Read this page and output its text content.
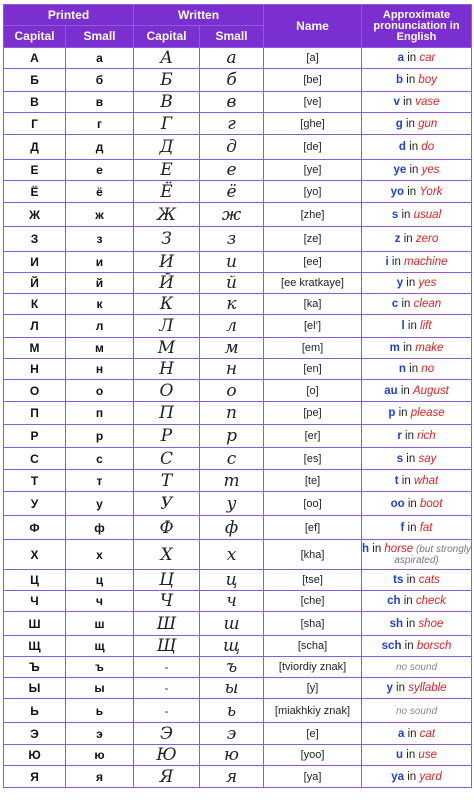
Printed		Written		Name	Approximate pronunciation in English
Capital	Small	Capital	Small		
А	а	А	а	[a]	a in car
Б	б	Б	б	[be]	b in boy
В	в	В	в	[ve]	v in vase
Г	г	Г	г	[ghe]	g in gun
Д	д	Д	д	[de]	d in do
Е	е	Е	е	[ye]	ye in yes
Ё	ё	Ё	ё	[yo]	yo in York
Ж	ж	Ж	ж	[zhe]	s in usual
З	з	З	з	[ze]	z in zero
И	и	И	и	[ee]	i in machine
Й	й	Й	й	[ee kratkaye]	y in yes
К	к	К	к	[ka]	c in clean
Л	л	Л	л	[el’]	l in lift
М	м	М	м	[em]	m in make
Н	н	Н	н	[en]	n in no
О	о	О	о	[o]	au in August
П	п	П	п	[pe]	p in please
Р	р	Р	р	[er]	r in rich
С	с	С	с	[es]	s in say
Т	т	Т	т	[te]	t in what
У	у	У	у	[oo]	oo in boot
Ф	ф	Ф	ф	[ef]	f in fat
Х	х	Х	х	[kha]	h in horse (but strongly aspirated)
Ц	ц	Ц	ц	[tse]	ts in cats
Ч	ч	Ч	ч	[che]	ch in check
Ш	ш	Ш	ш	[sha]	sh in shoe
Щ	щ	Щ	щ	[scha]	sch in borsch
Ъ	ъ	-	ъ	[tviordiy znak]	no sound
Ы	ы	-	ы	[y]	y in syllable
Ь	ь	-	ь	[miakhkiy znak]	no sound
Э	э	Э	э	[e]	a in cat
Ю	ю	Ю	ю	[yoo]	u in use
Я	я	Я	я	[ya]	ya in yard
